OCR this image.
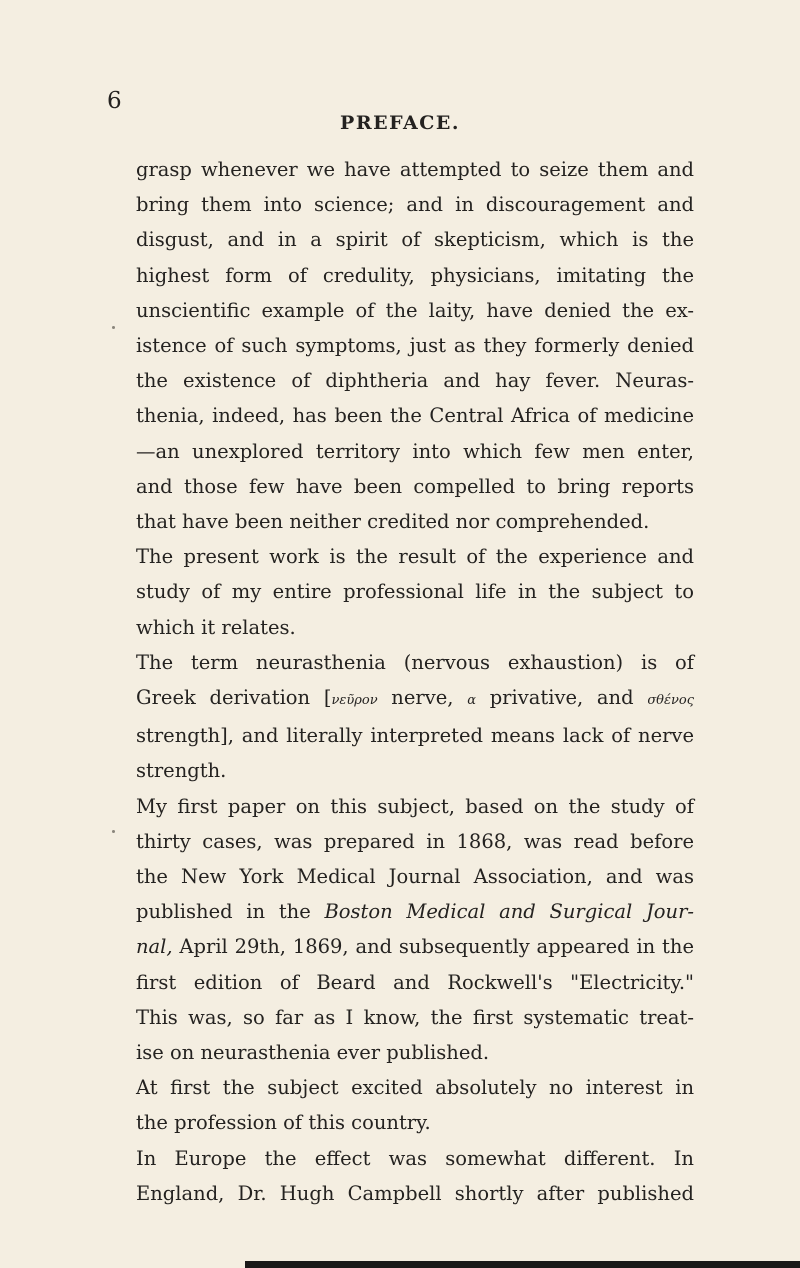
6

PREFACE.

grasp whenever we have attempted to seize them and
bring them into science; and in discouragement and
disgust, and in a spirit of skepticism, which is the
highest form of credulity, physicians, imitating the
unscientific example of the laity, have denied the ex-
istence of such symptoms, just as they formerly denied
the existence of diphtheria and hay fever. Neuras-
thenia, indeed, has been the Central Africa of medicine
—an unexplored territory into which few men enter,
and those few have been compelled to bring reports
that have been neither credited nor comprehended.
The present work is the result of the experience and
study of my entire professional life in the subject to
which it relates.
The term neurasthenia (nervous exhaustion) is of
Greek derivation [νεῦρον nerve, α privative, and σθένος
strength], and literally interpreted means lack of nerve
strength.
My first paper on this subject, based on the study of
thirty cases, was prepared in 1868, was read before
the New York Medical Journal Association, and was
published in the Boston Medical and Surgical Jour-
nal, April 29th, 1869, and subsequently appeared in the
first edition of Beard and Rockwell's "Electricity."
This was, so far as I know, the first systematic treat-
ise on neurasthenia ever published.
At first the subject excited absolutely no interest in
the profession of this country.
In Europe the effect was somewhat different. In
England, Dr. Hugh Campbell shortly after published
